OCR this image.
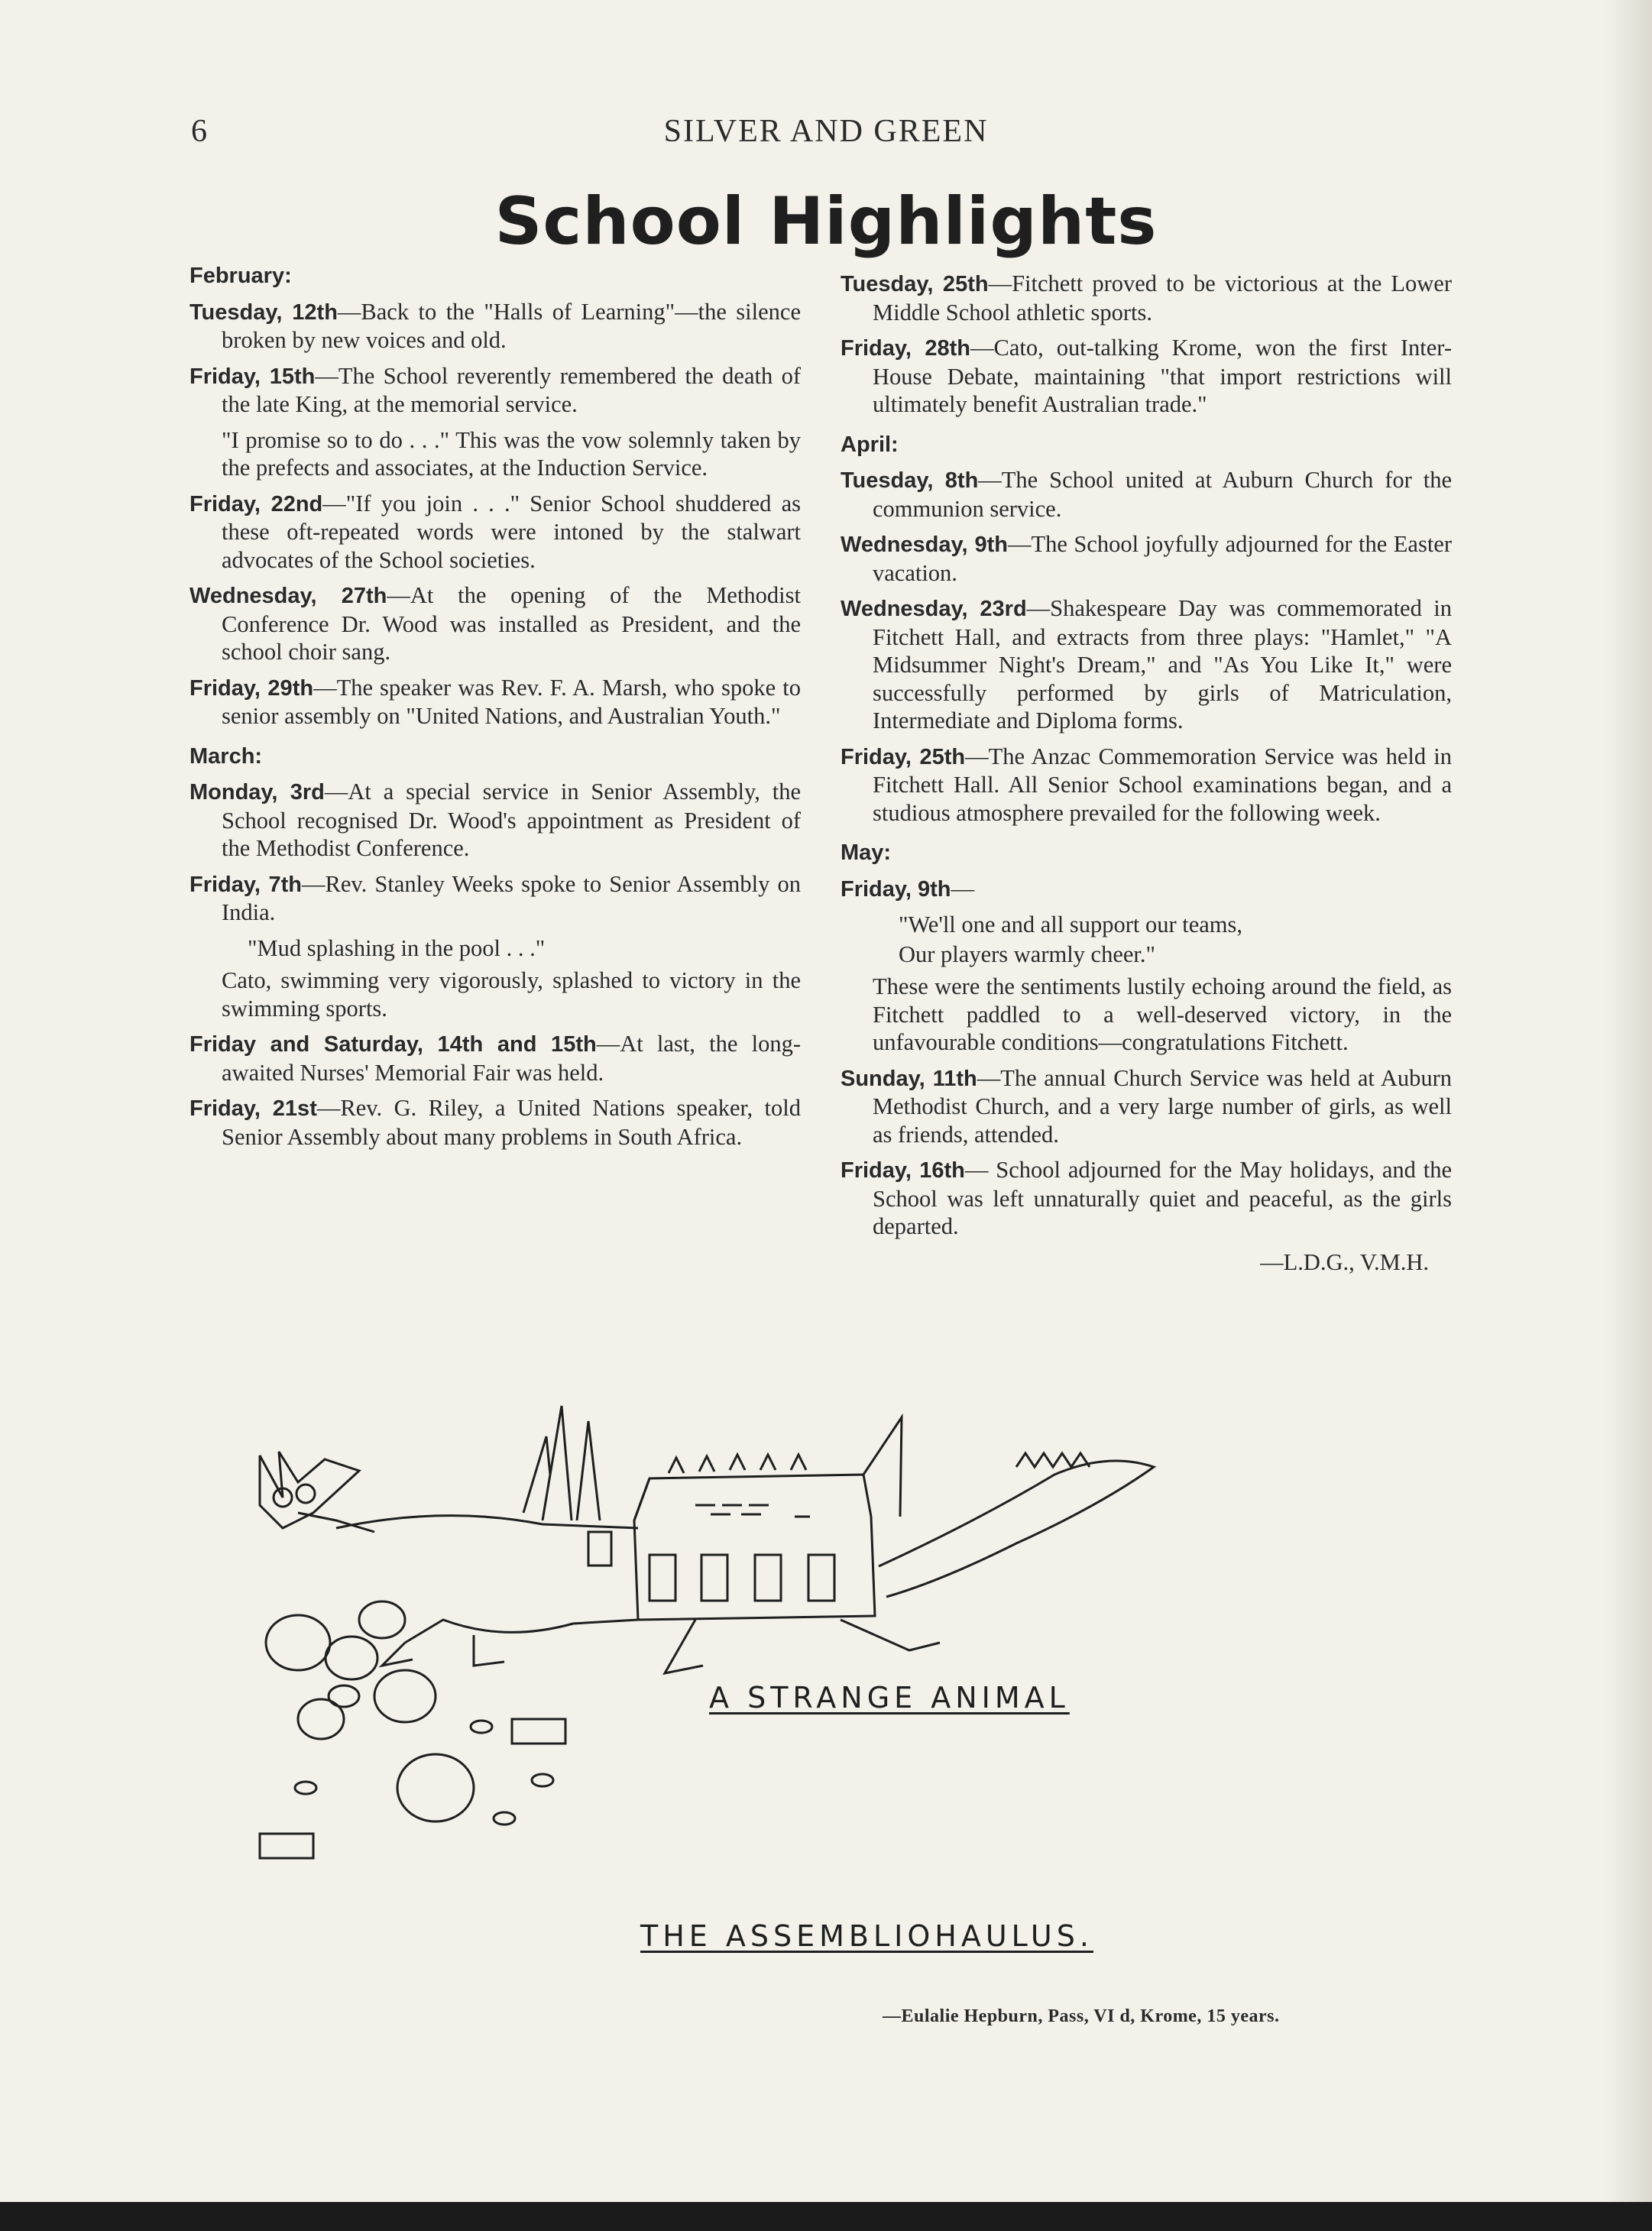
6	SILVER AND GREEN
School Highlights
February:

Tuesday, 12th—Back to the "Halls of Learning"—the silence broken by new voices and old.

Friday, 15th—The School reverently remembered the death of the late King, at the memorial service.

"I promise so to do . . ." This was the vow solemnly taken by the prefects and associates, at the Induction Service.

Friday, 22nd—"If you join . . ." Senior School shuddered as these oft-repeated words were intoned by the stalwart advocates of the School societies.

Wednesday, 27th—At the opening of the Methodist Conference Dr. Wood was installed as President, and the school choir sang.

Friday, 29th—The speaker was Rev. F. A. Marsh, who spoke to senior assembly on "United Nations, and Australian Youth."

March:

Monday, 3rd—At a special service in Senior Assembly, the School recognised Dr. Wood's appointment as President of the Methodist Conference.

Friday, 7th—Rev. Stanley Weeks spoke to Senior Assembly on India.

"Mud splashing in the pool . . ."

Cato, swimming very vigorously, splashed to victory in the swimming sports.

Friday and Saturday, 14th and 15th—At last, the long-awaited Nurses' Memorial Fair was held.

Friday, 21st—Rev. G. Riley, a United Nations speaker, told Senior Assembly about many problems in South Africa.

Tuesday, 25th—Fitchett proved to be victorious at the Lower Middle School athletic sports.

Friday, 28th—Cato, out-talking Krome, won the first Inter-House Debate, maintaining "that import restrictions will ultimately benefit Australian trade."

April:

Tuesday, 8th—The School united at Auburn Church for the communion service.

Wednesday, 9th—The School joyfully adjourned for the Easter vacation.

Wednesday, 23rd—Shakespeare Day was commemorated in Fitchett Hall, and extracts from three plays: "Hamlet," "A Midsummer Night's Dream," and "As You Like It," were successfully performed by girls of Matriculation, Intermediate and Diploma forms.

Friday, 25th—The Anzac Commemoration Service was held in Fitchett Hall. All Senior School examinations began, and a studious atmosphere prevailed for the following week.

May:

Friday, 9th—

"We'll one and all support our teams,

Our players warmly cheer."

These were the sentiments lustily echoing around the field, as Fitchett paddled to a well-deserved victory, in the unfavourable conditions—congratulations Fitchett.

Sunday, 11th—The annual Church Service was held at Auburn Methodist Church, and a very large number of girls, as well as friends, attended.

Friday, 16th— School adjourned for the May holidays, and the School was left unnaturally quiet and peaceful, as the girls departed.

—L.D.G., V.M.H.

A STRANGE ANIMAL
THE ASSEMBLIOHAULUS.
—Eulalie Hepburn, Pass, VI d, Krome, 15 years.
